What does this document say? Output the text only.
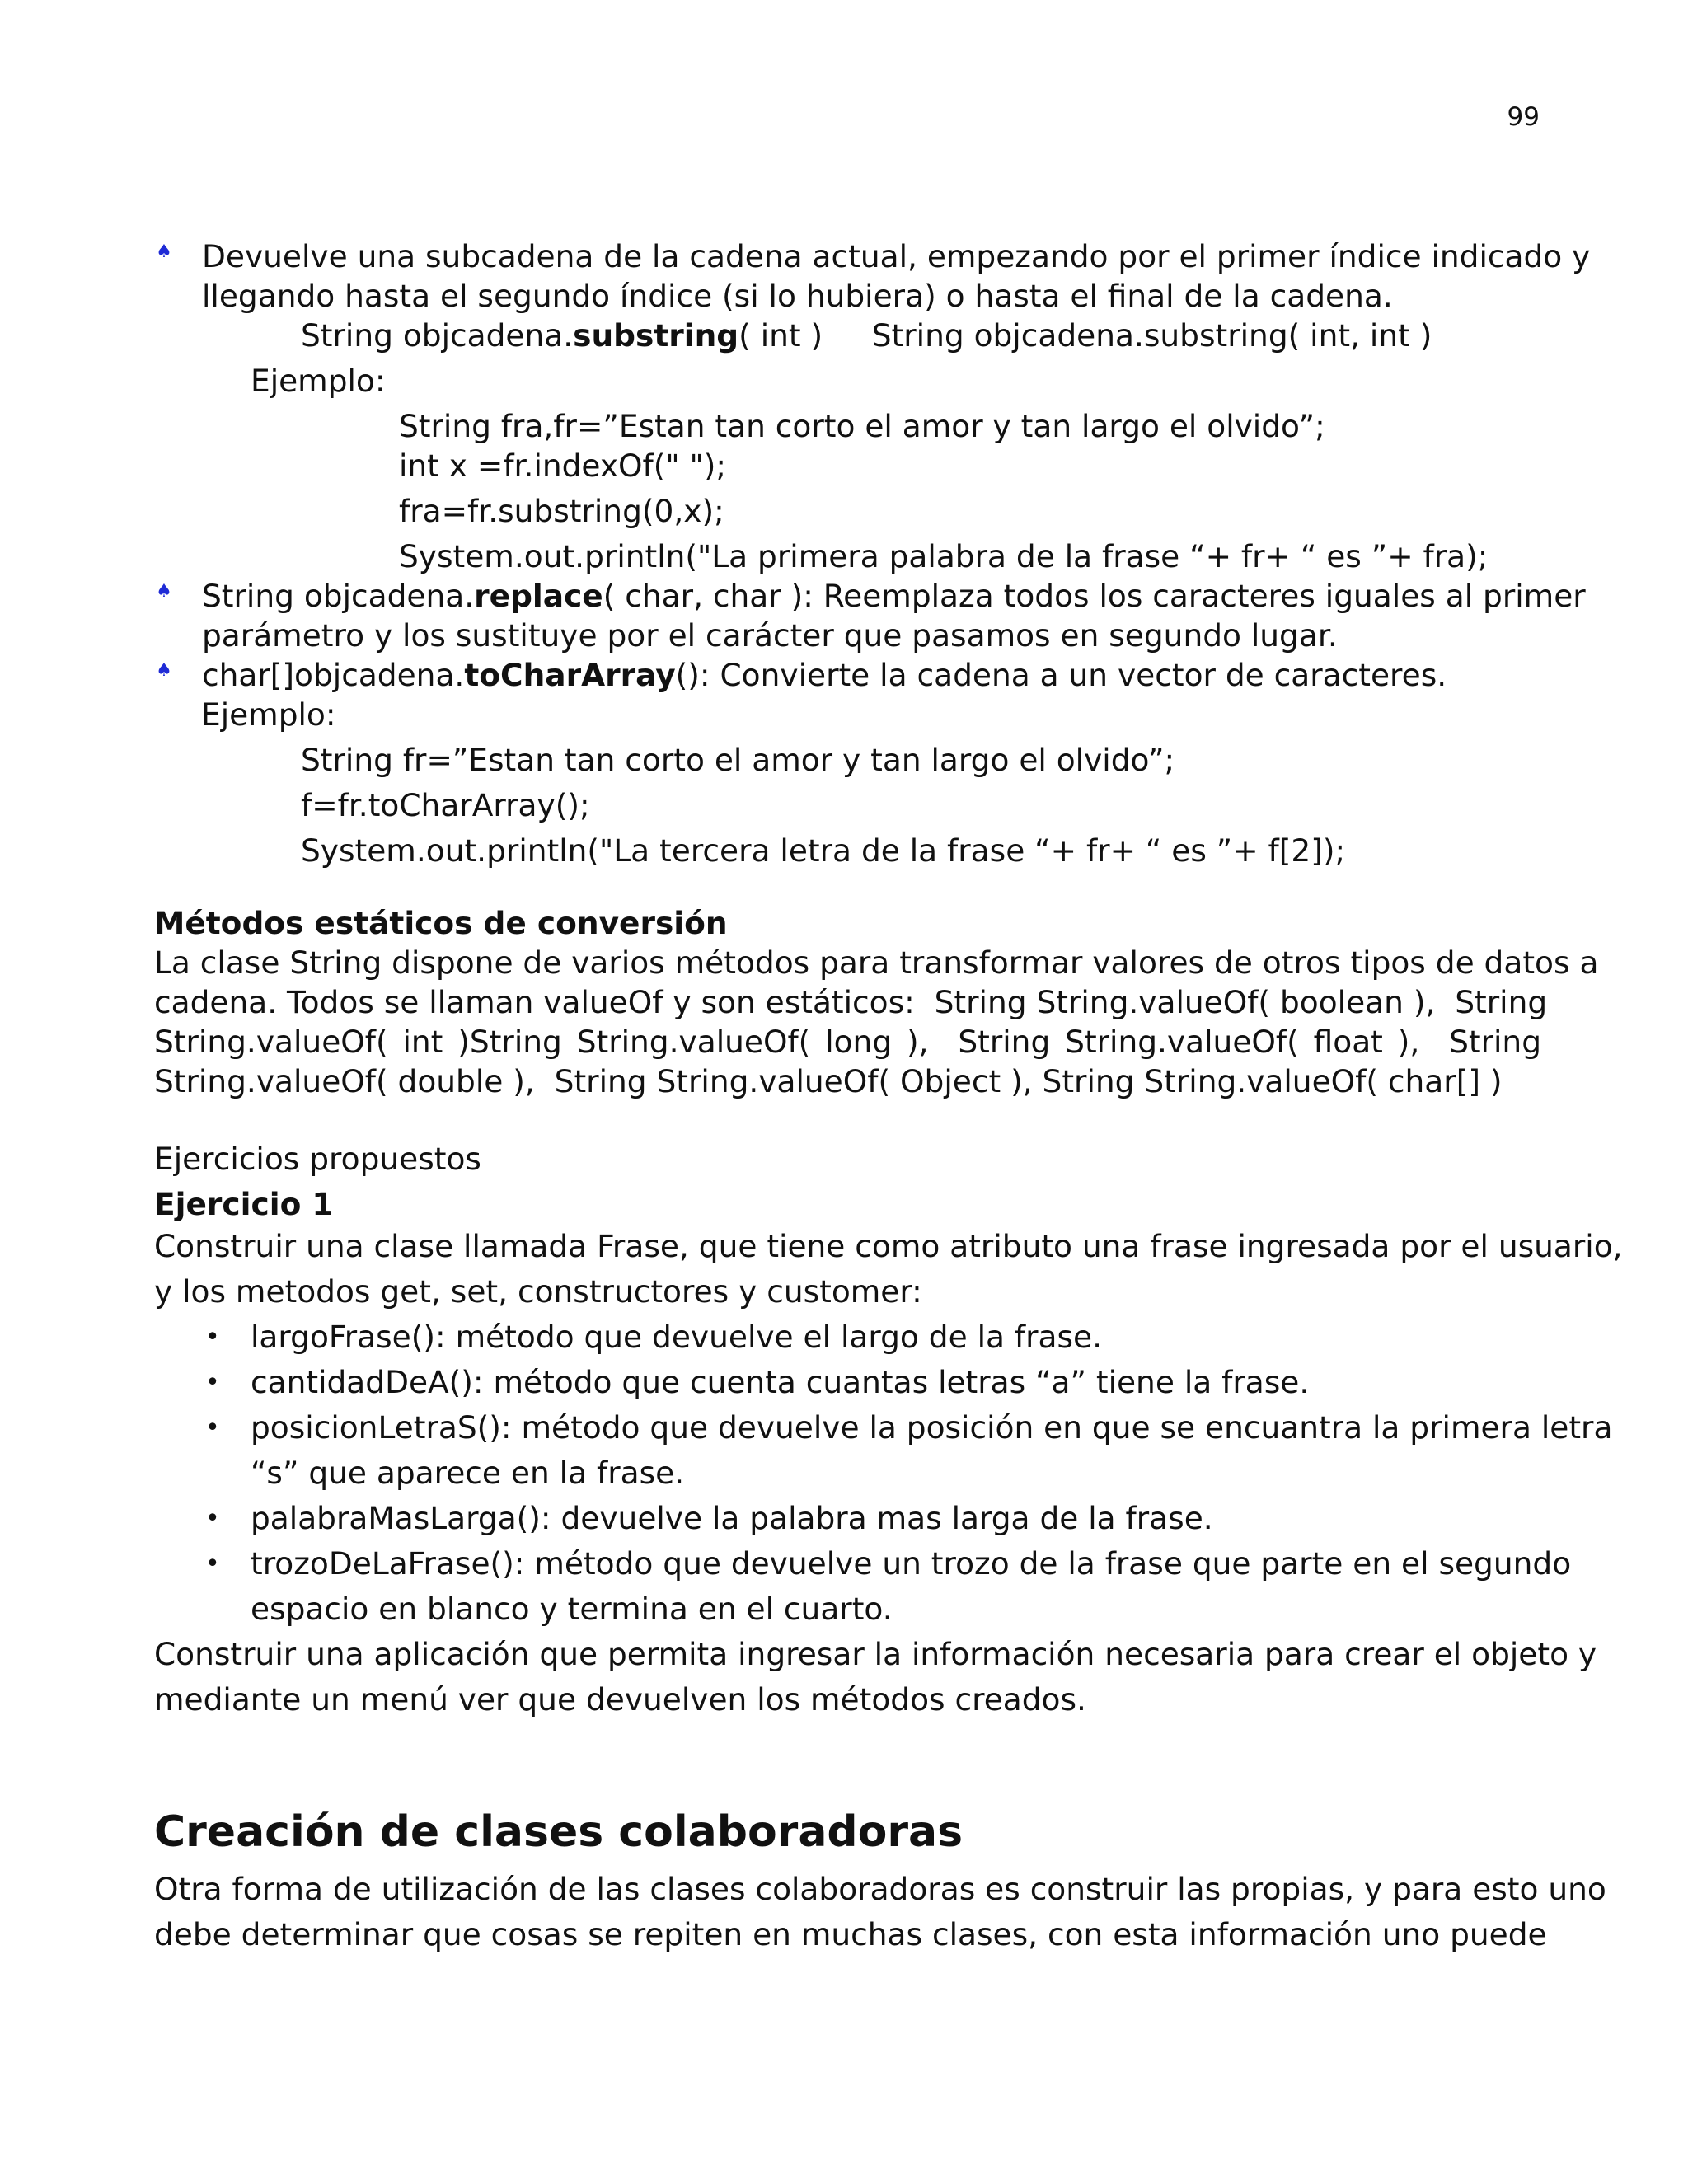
99
♠ Devuelve una subcadena de la cadena actual, empezando por el primer índice indicado y
llegando hasta el segundo índice (si lo hubiera) o hasta el final de la cadena.
String objcadena.substring( int )     String objcadena.substring( int, int )
Ejemplo:
String fra,fr=”Estan tan corto el amor y tan largo el olvido”;
int x =fr.indexOf(" ");
fra=fr.substring(0,x);
System.out.println("La primera palabra de la frase “+ fr+ “ es ”+ fra);
♠ String objcadena.replace( char, char ): Reemplaza todos los caracteres iguales al primer
parámetro y los sustituye por el carácter que pasamos en segundo lugar.
♠ char[]objcadena.toCharArray(): Convierte la cadena a un vector de caracteres.
Ejemplo:
String fr=”Estan tan corto el amor y tan largo el olvido”;
f=fr.toCharArray();
System.out.println("La tercera letra de la frase “+ fr+ “ es ”+ f[2]);
Métodos estáticos de conversión
La clase String dispone de varios métodos para transformar valores de otros tipos de datos a
cadena. Todos se llaman valueOf y son estáticos:  String String.valueOf( boolean ),  String
String.valueOf( int )String String.valueOf( long ),  String String.valueOf( float ),  String
String.valueOf( double ),  String String.valueOf( Object ), String String.valueOf( char[] )
Ejercicios propuestos
Ejercicio 1
Construir una clase llamada Frase, que tiene como atributo una frase ingresada por el usuario,
y los metodos get, set, constructores y customer:
• largoFrase(): método que devuelve el largo de la frase.
• cantidadDeA(): método que cuenta cuantas letras “a” tiene la frase.
• posicionLetraS(): método que devuelve la posición en que se encuantra la primera letra
“s” que aparece en la frase.
• palabraMasLarga(): devuelve la palabra mas larga de la frase.
• trozoDeLaFrase(): método que devuelve un trozo de la frase que parte en el segundo
espacio en blanco y termina en el cuarto.
Construir una aplicación que permita ingresar la información necesaria para crear el objeto y
mediante un menú ver que devuelven los métodos creados.
Creación de clases colaboradoras
Otra forma de utilización de las clases colaboradoras es construir las propias, y para esto uno
debe determinar que cosas se repiten en muchas clases, con esta información uno puede
